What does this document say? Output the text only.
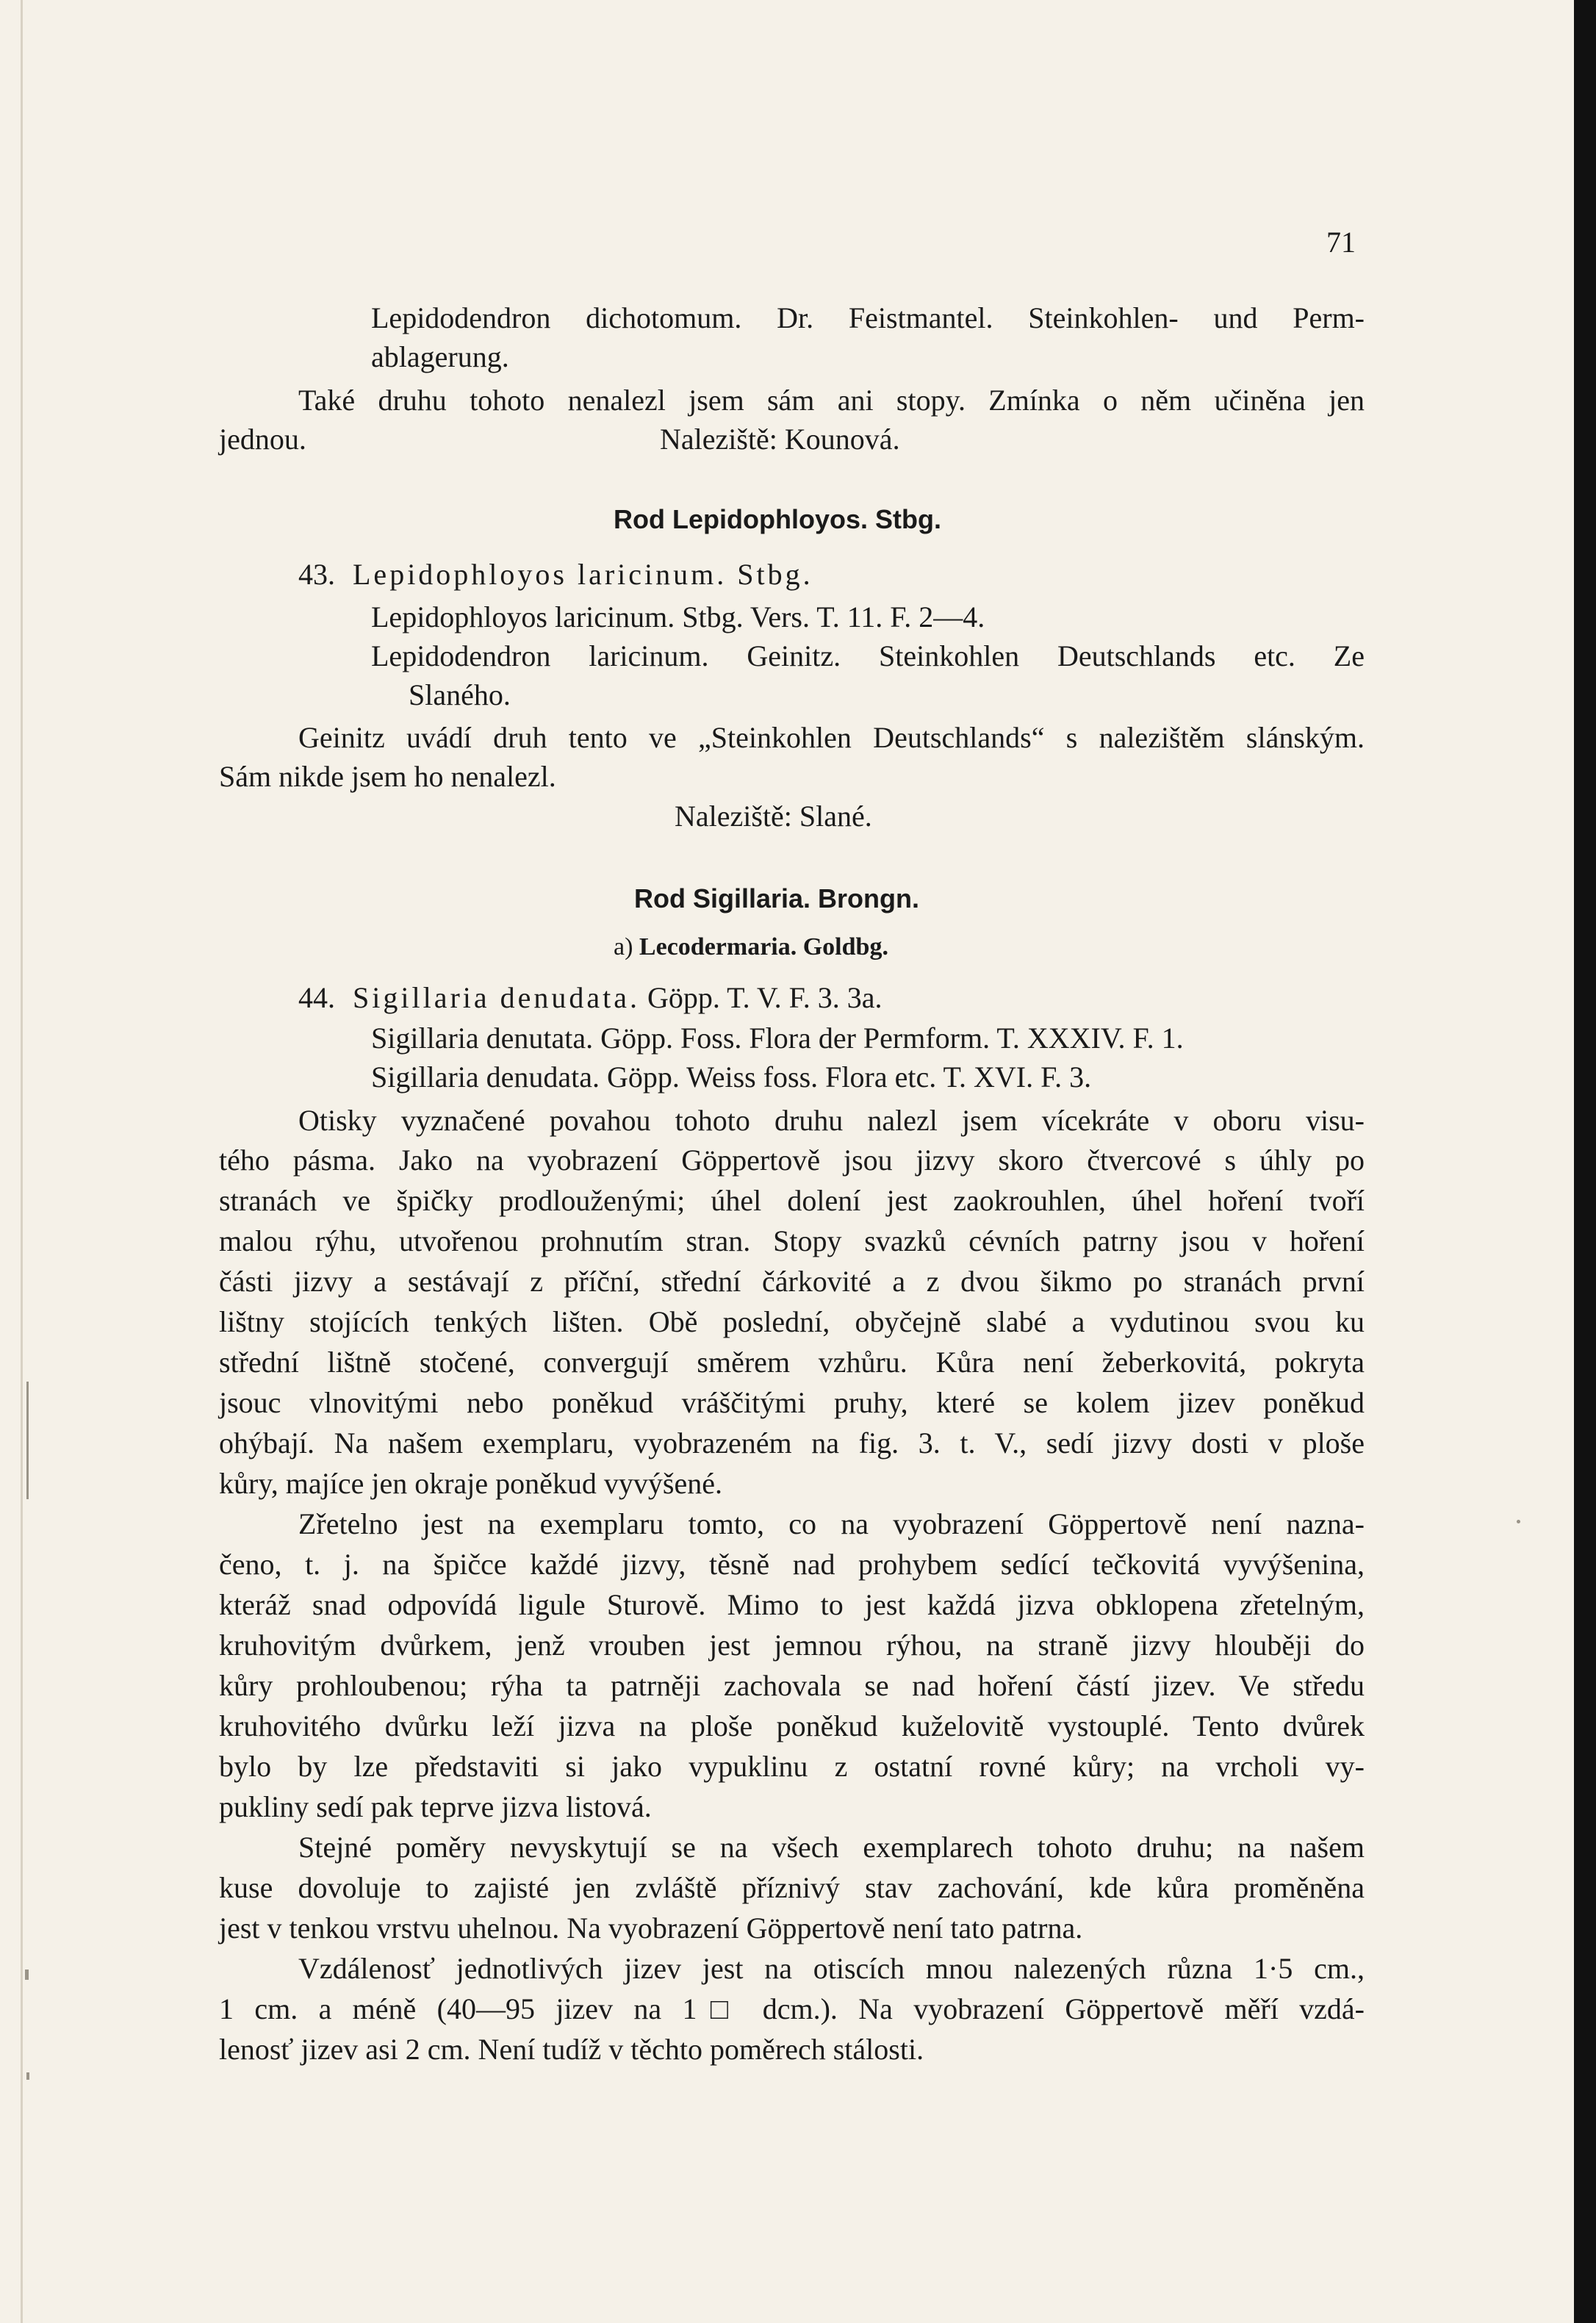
71
Lepidodendron dichotomum. Dr. Feistmantel. Steinkohlen- und Perm-
ablagerung.
Také druhu tohoto nenalezl jsem sám ani stopy. Zmínka o něm učiněna jen
jednou.	Naleziště: Kounová.
Rod Lepidophloyos. Stbg.
43. Lepidophloyos laricinum. Stbg.
Lepidophloyos laricinum. Stbg. Vers. T. 11. F. 2—4.
Lepidodendron laricinum. Geinitz. Steinkohlen Deutschlands etc. Ze
Slaného.
Geinitz uvádí druh tento ve „Steinkohlen Deutschlands“ s nalezištěm slánským.
Sám nikde jsem ho nenalezl.
Naleziště: Slané.
Rod Sigillaria. Brongn.
a) Lecodermaria. Goldbg.
44. Sigillaria denudata. Göpp. T. V. F. 3. 3a.
Sigillaria denutata. Göpp. Foss. Flora der Permform. T. XXXIV. F. 1.
Sigillaria denudata. Göpp. Weiss foss. Flora etc. T. XVI. F. 3.
Otisky vyznačené povahou tohoto druhu nalezl jsem vícekráte v oboru visu-
tého pásma. Jako na vyobrazení Göppertově jsou jizvy skoro čtvercové s úhly po
stranách ve špičky prodlouženými; úhel dolení jest zaokrouhlen, úhel hoření tvoří
malou rýhu, utvořenou prohnutím stran. Stopy svazků cévních patrny jsou v hoření
části jizvy a sestávají z příční, střední čárkovité a z dvou šikmo po stranách první
lištny stojících tenkých lišten. Obě poslední, obyčejně slabé a vydutinou svou ku
střední lištně stočené, convergují směrem vzhůru. Kůra není žeberkovitá, pokryta
jsouc vlnovitými nebo poněkud vráščitými pruhy, které se kolem jizev poněkud
ohýbají. Na našem exemplaru, vyobrazeném na fig. 3. t. V., sedí jizvy dosti v ploše
kůry, majíce jen okraje poněkud vyvýšené.
Zřetelno jest na exemplaru tomto, co na vyobrazení Göppertově není nazna-
čeno, t. j. na špičce každé jizvy, těsně nad prohybem sedící tečkovitá vyvýšenina,
kteráž snad odpovídá ligule Sturově. Mimo to jest každá jizva obklopena zřetelným,
kruhovitým dvůrkem, jenž vrouben jest jemnou rýhou, na straně jizvy hlouběji do
kůry prohloubenou; rýha ta patrněji zachovala se nad hoření částí jizev. Ve středu
kruhovitého dvůrku leží jizva na ploše poněkud kuželovitě vystouplé. Tento dvůrek
bylo by lze představiti si jako vypuklinu z ostatní rovné kůry; na vrcholi vy-
pukliny sedí pak teprve jizva listová.
Stejné poměry nevyskytují se na všech exemplarech tohoto druhu; na našem
kuse dovoluje to zajisté jen zvláště příznivý stav zachování, kde kůra proměněna
jest v tenkou vrstvu uhelnou. Na vyobrazení Göppertově není tato patrna.
Vzdálenosť jednotlivých jizev jest na otiscích mnou nalezených různa 1·5 cm.,
1 cm. a méně (40—95 jizev na 1□ dcm.). Na vyobrazení Göppertově měří vzdá-
lenosť jizev asi 2 cm. Není tudíž v těchto poměrech stálosti.
